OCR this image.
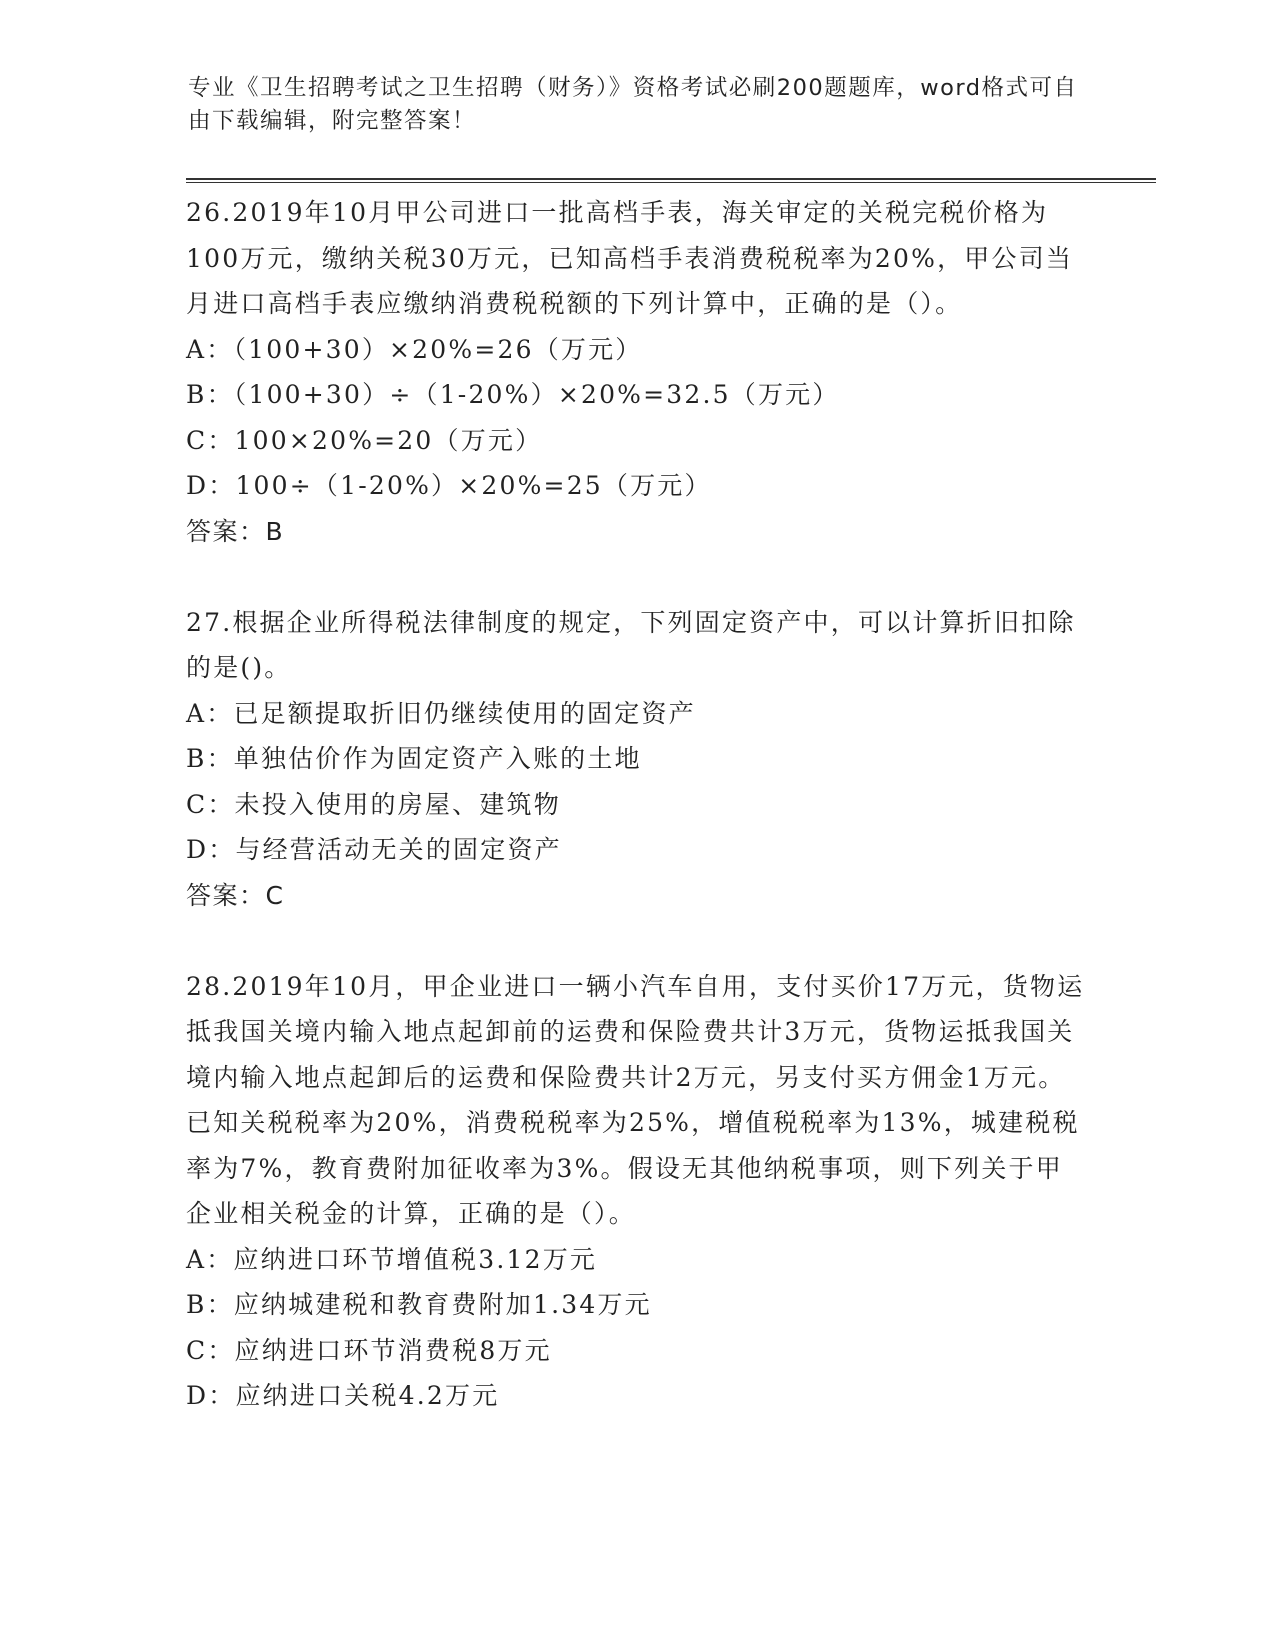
专业《卫生招聘考试之卫生招聘（财务）》资格考试必刷200题题库，word格式可自由下载编辑，附完整答案！

26.2019年10月甲公司进口一批高档手表，海关审定的关税完税价格为100万元，缴纳关税30万元，已知高档手表消费税税率为20%，甲公司当月进口高档手表应缴纳消费税税额的下列计算中，正确的是（）。

A：（100+30）×20%=26（万元）

B：（100+30）÷（1-20%）×20%=32.5（万元）

C：100×20%=20（万元）

D：100÷（1-20%）×20%=25（万元）

答案：B

27.根据企业所得税法律制度的规定，下列固定资产中，可以计算折旧扣除的是()。

A：已足额提取折旧仍继续使用的固定资产

B：单独估价作为固定资产入账的土地

C：未投入使用的房屋、建筑物

D：与经营活动无关的固定资产

答案：C

28.2019年10月，甲企业进口一辆小汽车自用，支付买价17万元，货物运抵我国关境内输入地点起卸前的运费和保险费共计3万元，货物运抵我国关境内输入地点起卸后的运费和保险费共计2万元，另支付买方佣金1万元。已知关税税率为20%，消费税税率为25%，增值税税率为13%，城建税税率为7%，教育费附加征收率为3%。假设无其他纳税事项，则下列关于甲企业相关税金的计算，正确的是（）。

A：应纳进口环节增值税3.12万元

B：应纳城建税和教育费附加1.34万元

C：应纳进口环节消费税8万元

D：应纳进口关税4.2万元
